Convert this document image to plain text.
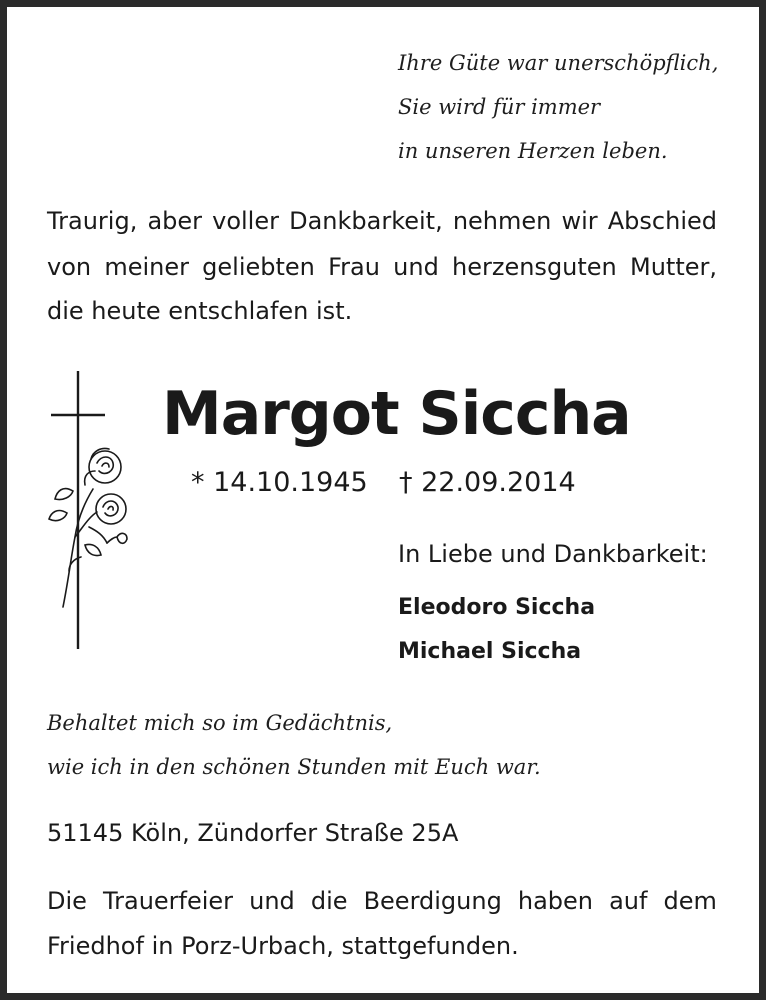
Ihre Güte war unerschöpflich,
Sie wird für immer
in unseren Herzen leben.
Traurig, aber voller Dankbarkeit, nehmen wir Abschied
von meiner geliebten Frau und herzensguten Mutter,
die heute entschlafen ist.
Margot Siccha
* 14.10.1945 † 22.09.2014
In Liebe und Dankbarkeit:
Eleodoro Siccha
Michael Siccha
Behaltet mich so im Gedächtnis,
wie ich in den schönen Stunden mit Euch war.
51145 Köln, Zündorfer Straße 25A
Die Trauerfeier und die Beerdigung haben auf dem
Friedhof in Porz-Urbach, stattgefunden.
